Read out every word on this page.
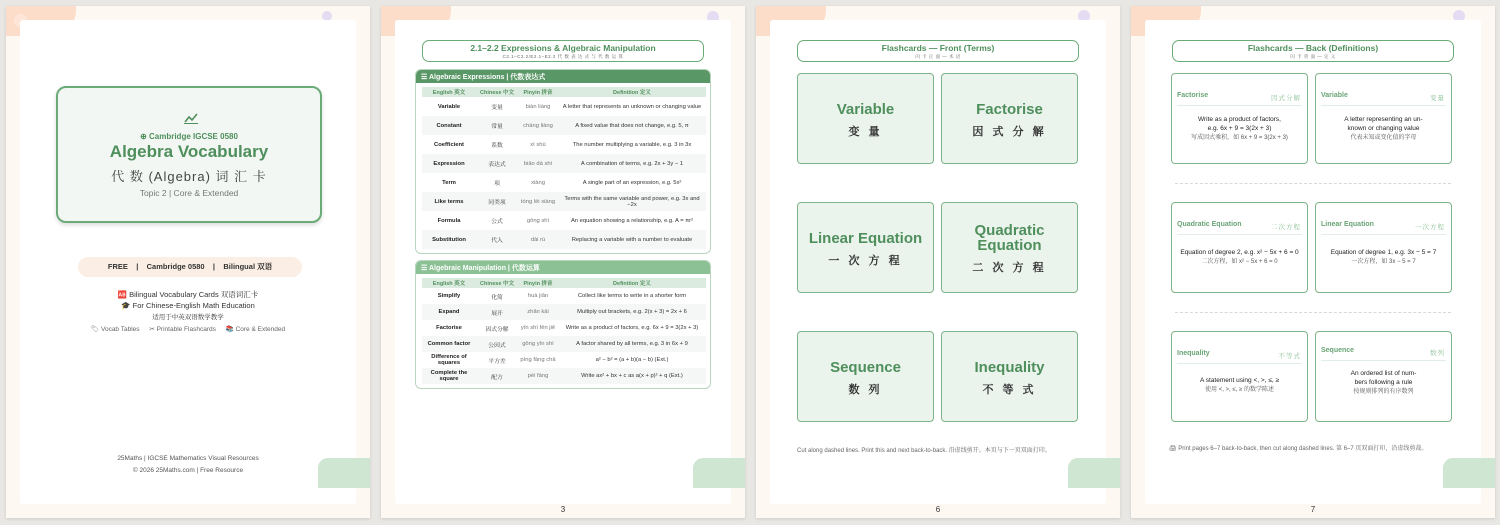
⊕ Cambridge IGCSE 0580
Algebra Vocabulary
代 数 (Algebra) 词 汇 卡
Topic 2 | Core & Extended
FREE    |    Cambridge 0580    |    Bilingual 双语
🆎 Bilingual Vocabulary Cards 双语词汇卡
🎓 For Chinese-English Math Education
适用于中英双语数学教学
🏷 Vocab Tables ✂ Printable Flashcards 📚 Core & Extended
25Maths | IGCSE Mathematics Visual Resources
© 2026 25Maths.com | Free Resource
2.1–2.2 Expressions & Algebraic Manipulation
C2.1–C2.2/E2.1–E2.2 代 数 表 达 式 与 代 数 运 算
☰ Algebraic Expressions | 代数表达式
English 英文	Chinese 中文	Pinyin 拼音	Definition 定义
Variable	变量	biàn liàng	A letter that represents an unknown or changing value
Constant	常量	cháng liàng	A fixed value that does not change, e.g. 5, π
Coefficient	系数	xì shù	The number multiplying a variable, e.g. 3 in 3x
Expression	表达式	biǎo dá shì	A combination of terms, e.g. 2x + 3y − 1
Term	项	xiàng	A single part of an expression, e.g. 5x²
Like terms	同类项	tóng lèi xiàng	Terms with the same variable and power, e.g. 3x and −2x
Formula	公式	gōng shì	An equation showing a relationship, e.g. A = πr²
Substitution	代入	dài rù	Replacing a variable with a number to evaluate
☰ Algebraic Manipulation | 代数运算
English 英文	Chinese 中文	Pinyin 拼音	Definition 定义
Simplify	化简	huà jiǎn	Collect like terms to write in a shorter form
Expand	展开	zhǎn kāi	Multiply out brackets, e.g. 2(x + 3) = 2x + 6
Factorise	因式分解	yīn shì fēn jiě	Write as a product of factors, e.g. 6x + 9 = 3(2x + 3)
Common factor	公因式	gōng yīn shì	A factor shared by all terms, e.g. 3 in 6x + 9
Difference of squares	平方差	píng fāng chā	a² − b² = (a + b)(a − b) (Ext.)
Complete the square	配方	pèi fāng	Write ax² + bx + c as a(x + p)² + q (Ext.)
3
Flashcards — Front (Terms)
闪 卡 正 面 — 术 语
Variable
变 量
Factorise
因 式 分 解
Linear Equation
一 次 方 程
Quadratic Equation
二 次 方 程
Sequence
数 列
Inequality
不 等 式
Cut along dashed lines. Print this and next back-to-back. 沿虚线剪开。本页与下一页双面打印。
6
Flashcards — Back (Definitions)
闪 卡 背 面 — 定 义
Factorise	因式分解
Write as a product of factors,
e.g. 6x + 9 = 3(2x + 3)
写成因式乘积，如 6x + 9 = 3(2x + 3)
Variable	变量
A letter representing an un-
known or changing value
代表未知或变化值的字母
Quadratic Equation	二次方程
Equation of degree 2, e.g. x² − 5x + 6 = 0
二次方程，如 x² − 5x + 6 = 0
Linear Equation	一次方程
Equation of degree 1, e.g. 3x − 5 = 7
一次方程，如 3x − 5 = 7
Inequality	不等式
A statement using <, >, ≤, ≥
使用 <, >, ≤, ≥ 的数学陈述
Sequence	数列
An ordered list of num-
bers following a rule
按规则排列的有序数列
🖨 Print pages 6–7 back-to-back, then cut along dashed lines. 第 6–7 页双面打印，沿虚线剪裁。
7
